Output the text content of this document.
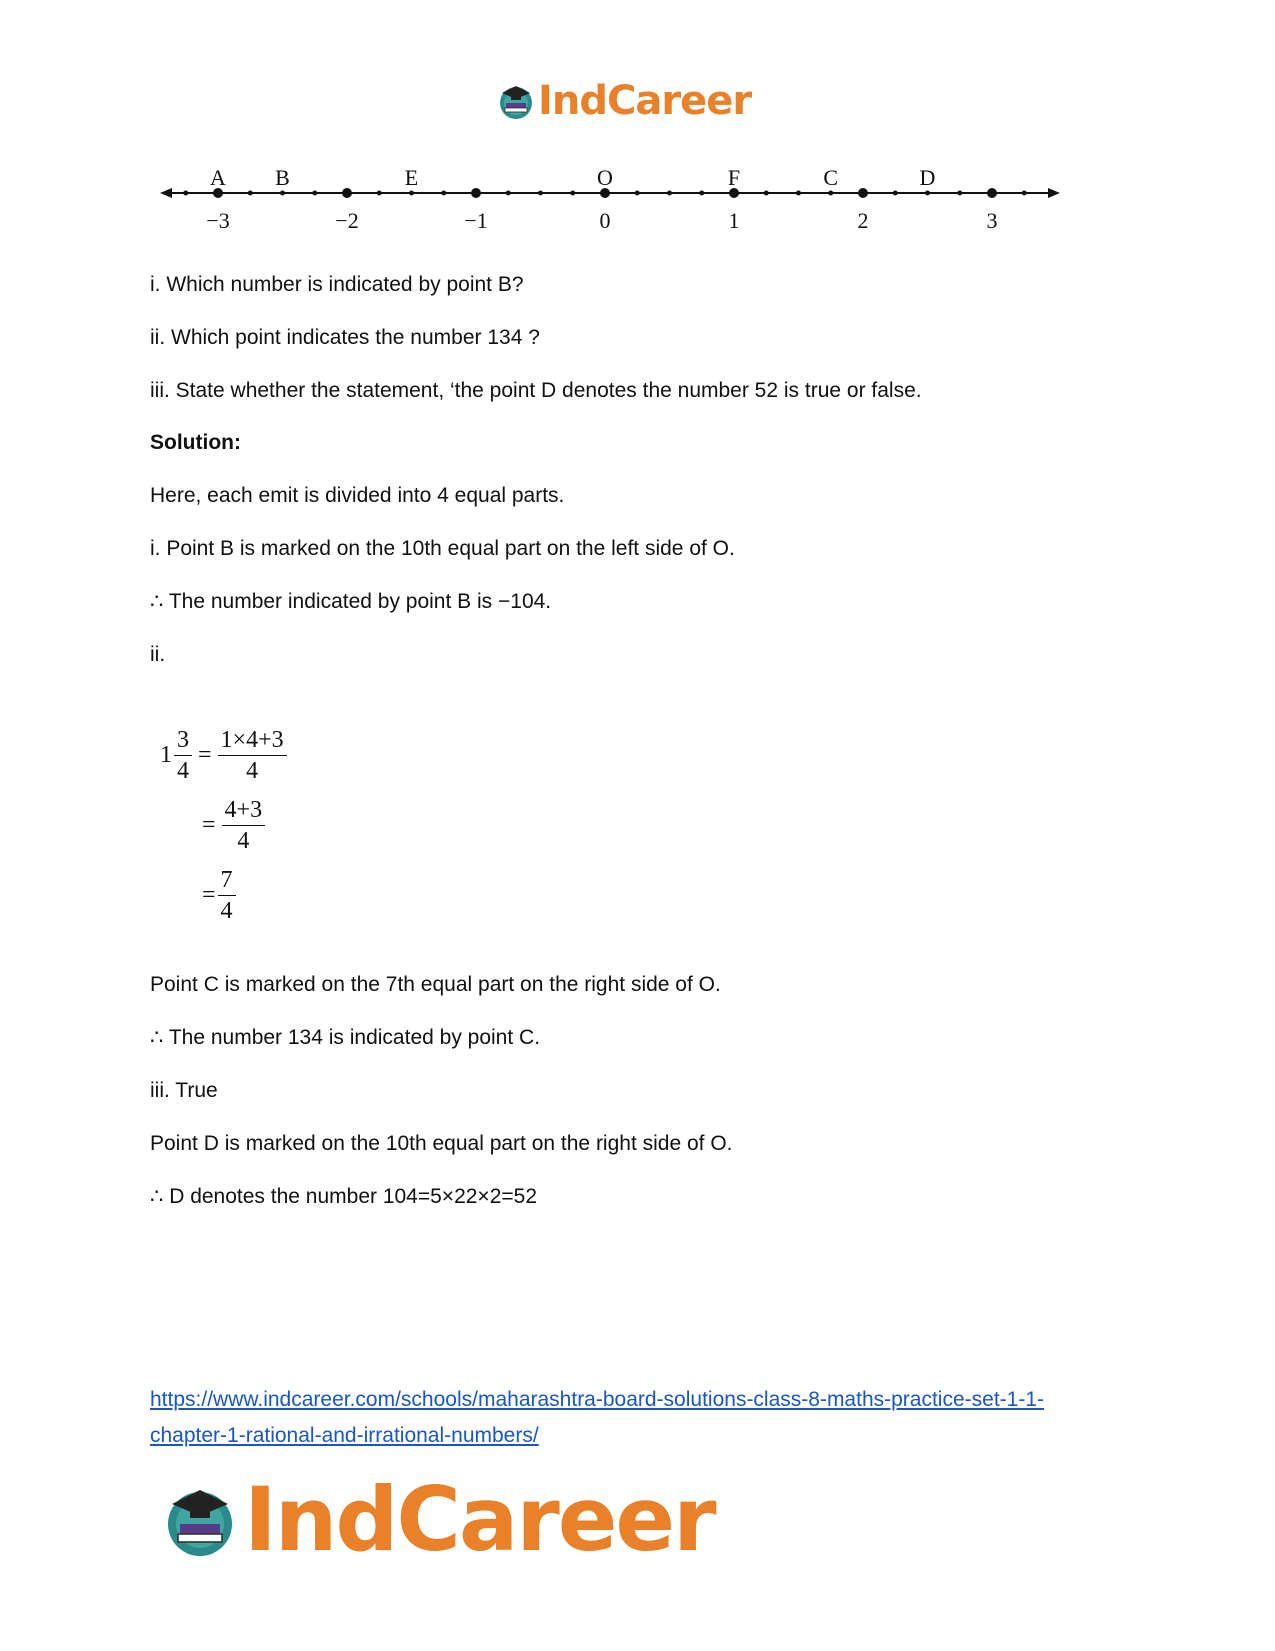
IndCareer
−3	−2	−1	0	1	2	3
A B	E	O	F	C	D
i. Which number is indicated by point B?
ii. Which point indicates the number 134 ?
iii. State whether the statement, ‘the point D denotes the number 52 is true or false.
Solution:
Here, each emit is divided into 4 equal parts.
i. Point B is marked on the 10th equal part on the left side of O.
∴ The number indicated by point B is −104.
ii.
$1 \frac{3}{4} = \frac{1\times 4+3}{4}$
= $\frac{4+3}{4}$
= $\frac{7}{4}$
Point C is marked on the 7th equal part on the right side of O.
∴ The number 134 is indicated by point C.
iii. True
Point D is marked on the 10th equal part on the right side of O.
∴ D denotes the number 104=5×22×2=52
https://www.indcareer.com/schools/maharashtra-board-solutions-class-8-maths-practice-set-1-1-
chapter-1-rational-and-irrational-numbers/
IndCareer
